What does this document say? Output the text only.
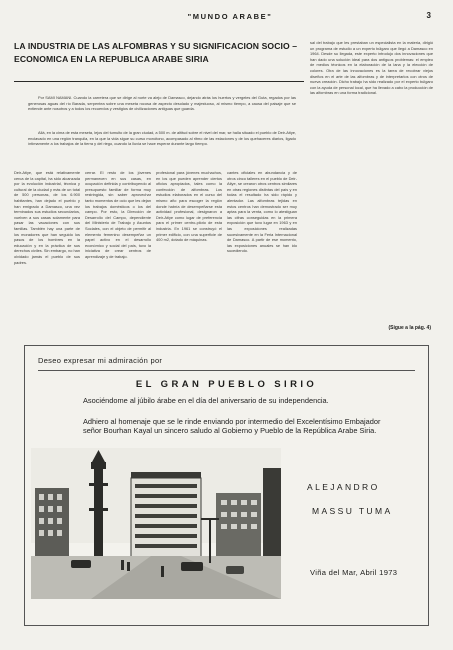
"MUNDO ARABE"	3
LA INDUSTRIA DE LAS ALFOMBRAS Y SU SIGNIFICACION SOCIO – ECONOMICA EN LA REPUBLICA ARABE SIRIA
Por SAMI NAMANI. Cuando la carretera que se dirige al norte va alejo de Damasco, dejando atrás los huertos y vergeles del Guta, regados por las generosas aguas del río Barada, serpentea sobre una meseta rocosa de aspecto desolado y majestuoso, al mismo tiempo, a causa del paisaje que se extiende ante nosotros y a todos los recuerdos y vestigios de civilizaciones antiguas que guarda.
Allá, en la cima de esta meseta, lejos del tumulto de la gran ciudad, a 500 m. de altitud sobre el nivel del mar, se halla situado el pueblo de Deir-Atiye, enclavado en una región tranquila, en la que la vida sigue su curso monótono, acompasado al ritmo de las estaciones y de los quehaceres diarios, ligado íntimamente a los trabajos de la tierra y del riego, cuando la lluvia se hace esperar durante largo tiempo.
Deir-Atiye, que está relativamente cerca de la capital, ha sido alcanzada por la evolución industrial, técnica y cultural de la ciudad y más de un total de 500 personas, de los 6.900 habitantes, han dejado el pueblo y han emigrado a Damasco, una vez terminados sus estudios secundarios, vuelven a sus casas solamente para pasar las vacaciones con sus familias. También hay una parte de los moradores que han seguido los pasos de los hombres en la educación y en la práctica de sus derechos civiles. Sin embargo, no han olvidado jamás el pueblo de sus padres.
cerrar. El resto de los jóvenes permanecen en sus casas, en ocupación definida y contribuyendo al presupuesto familiar de forma muy restringida, sin saber aprovechar tanto momentos de ocio que les dejan los trabajos domésticos o los del campo. Por esto, la Dirección de Desarrollo del Campo, dependiente del Ministerio de Trabajo y Asuntos Sociales, con el objeto de permitir al elemento femenino desempeñar un papel activo en el desarrollo económico y social del país, tuvo la iniciativa de crear centros de aprendizaje y de trabajo.
profesional para jóvenes muchachos, en los que pueden aprender ciertos oficios apropiados, tales como la confección de alfombras. Los estudios elaborados en el curso del mismo año para escoger la región donde habría de desempeñarse esta actividad profesional, designaron a Deir-Atiye como lugar de preferencia para el primer centro-piloto de esta industria. En 1961 se construyó el primer edificio, con una superficie de 400 m2, dotado de máquinas.
cantes oficiales en abundancia y de otros cinco talleres en el pueblo de Deir-Atiye, se crearon otros centros similares en otras regiones distintas del país y en todas el resultado ha sido rápido y alentador. Las alfombras tejidas en estos centros han demostrado ser muy aptas para la venta, como lo atestiguan las cifras conseguidas en la primera exposición que tuvo lugar en 1963 y en las exposiciones realizadas sucesivamente en la Feria Internacional de Damasco. A partir de ese momento, las exposiciones anuales se han ido sucediendo.
sal del trabajo que les prestaban un especialista en la materia, dirigió un programa de estudio a un experto búlgaro que llegó a Damasco en 1964. Desde su llegada, este experto introdujo dos innovaciones que han dado una solución ideal para dos antiguos problemas: el empleo de medios técnicos en la elaboración de la lana y la elección de colores. Otra de las innovaciones es la tarea de recobrar viejos diseños en el arte de las alfombras y de interpretarlos con otros de nueva creación. Dicho trabajo ha sido realizado por el experto búlgaro con la ayuda de personal local, que ha llevado a cabo la producción de las alfombras en una forma tradicional.
(Sigue a la pág. 4)
Deseo expresar mi admiración por
EL GRAN PUEBLO SIRIO
Asociéndome al júbilo árabe en el día del aniversario de su independencia.
Adhiero al homenaje que se le rinde enviando por intermedio del Excelentísimo Embajador señor Bourhan Kayal un sincero saludo al Gobierno y Pueblo de la República Arabe Siria.
ALEJANDRO
MASSU TUMA
Viña del Mar, Abril 1973
